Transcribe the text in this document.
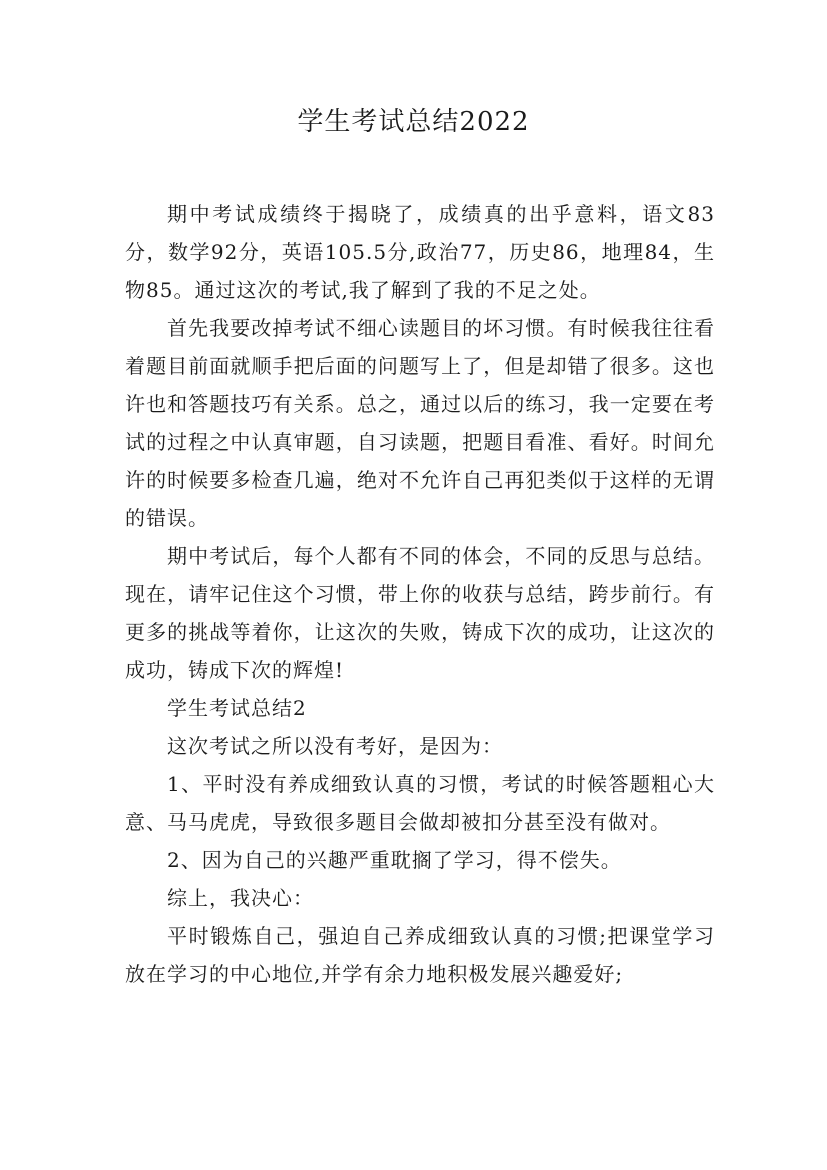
学生考试总结2022

期中考试成绩终于揭晓了，成绩真的出乎意料，语文83分，数学92分，英语105.5分,政治77，历史86，地理84，生物85。通过这次的考试,我了解到了我的不足之处。

首先我要改掉考试不细心读题目的坏习惯。有时候我往往看着题目前面就顺手把后面的问题写上了，但是却错了很多。这也许也和答题技巧有关系。总之，通过以后的练习，我一定要在考试的过程之中认真审题，自习读题，把题目看准、看好。时间允许的时候要多检查几遍，绝对不允许自己再犯类似于这样的无谓的错误。

期中考试后，每个人都有不同的体会，不同的反思与总结。现在，请牢记住这个习惯，带上你的收获与总结，跨步前行。有更多的挑战等着你，让这次的失败，铸成下次的成功，让这次的成功，铸成下次的辉煌!

学生考试总结2

这次考试之所以没有考好，是因为：

1、平时没有养成细致认真的习惯，考试的时候答题粗心大意、马马虎虎，导致很多题目会做却被扣分甚至没有做对。

2、因为自己的兴趣严重耽搁了学习，得不偿失。

综上，我决心：

平时锻炼自己，强迫自己养成细致认真的习惯;把课堂学习放在学习的中心地位,并学有余力地积极发展兴趣爱好;
